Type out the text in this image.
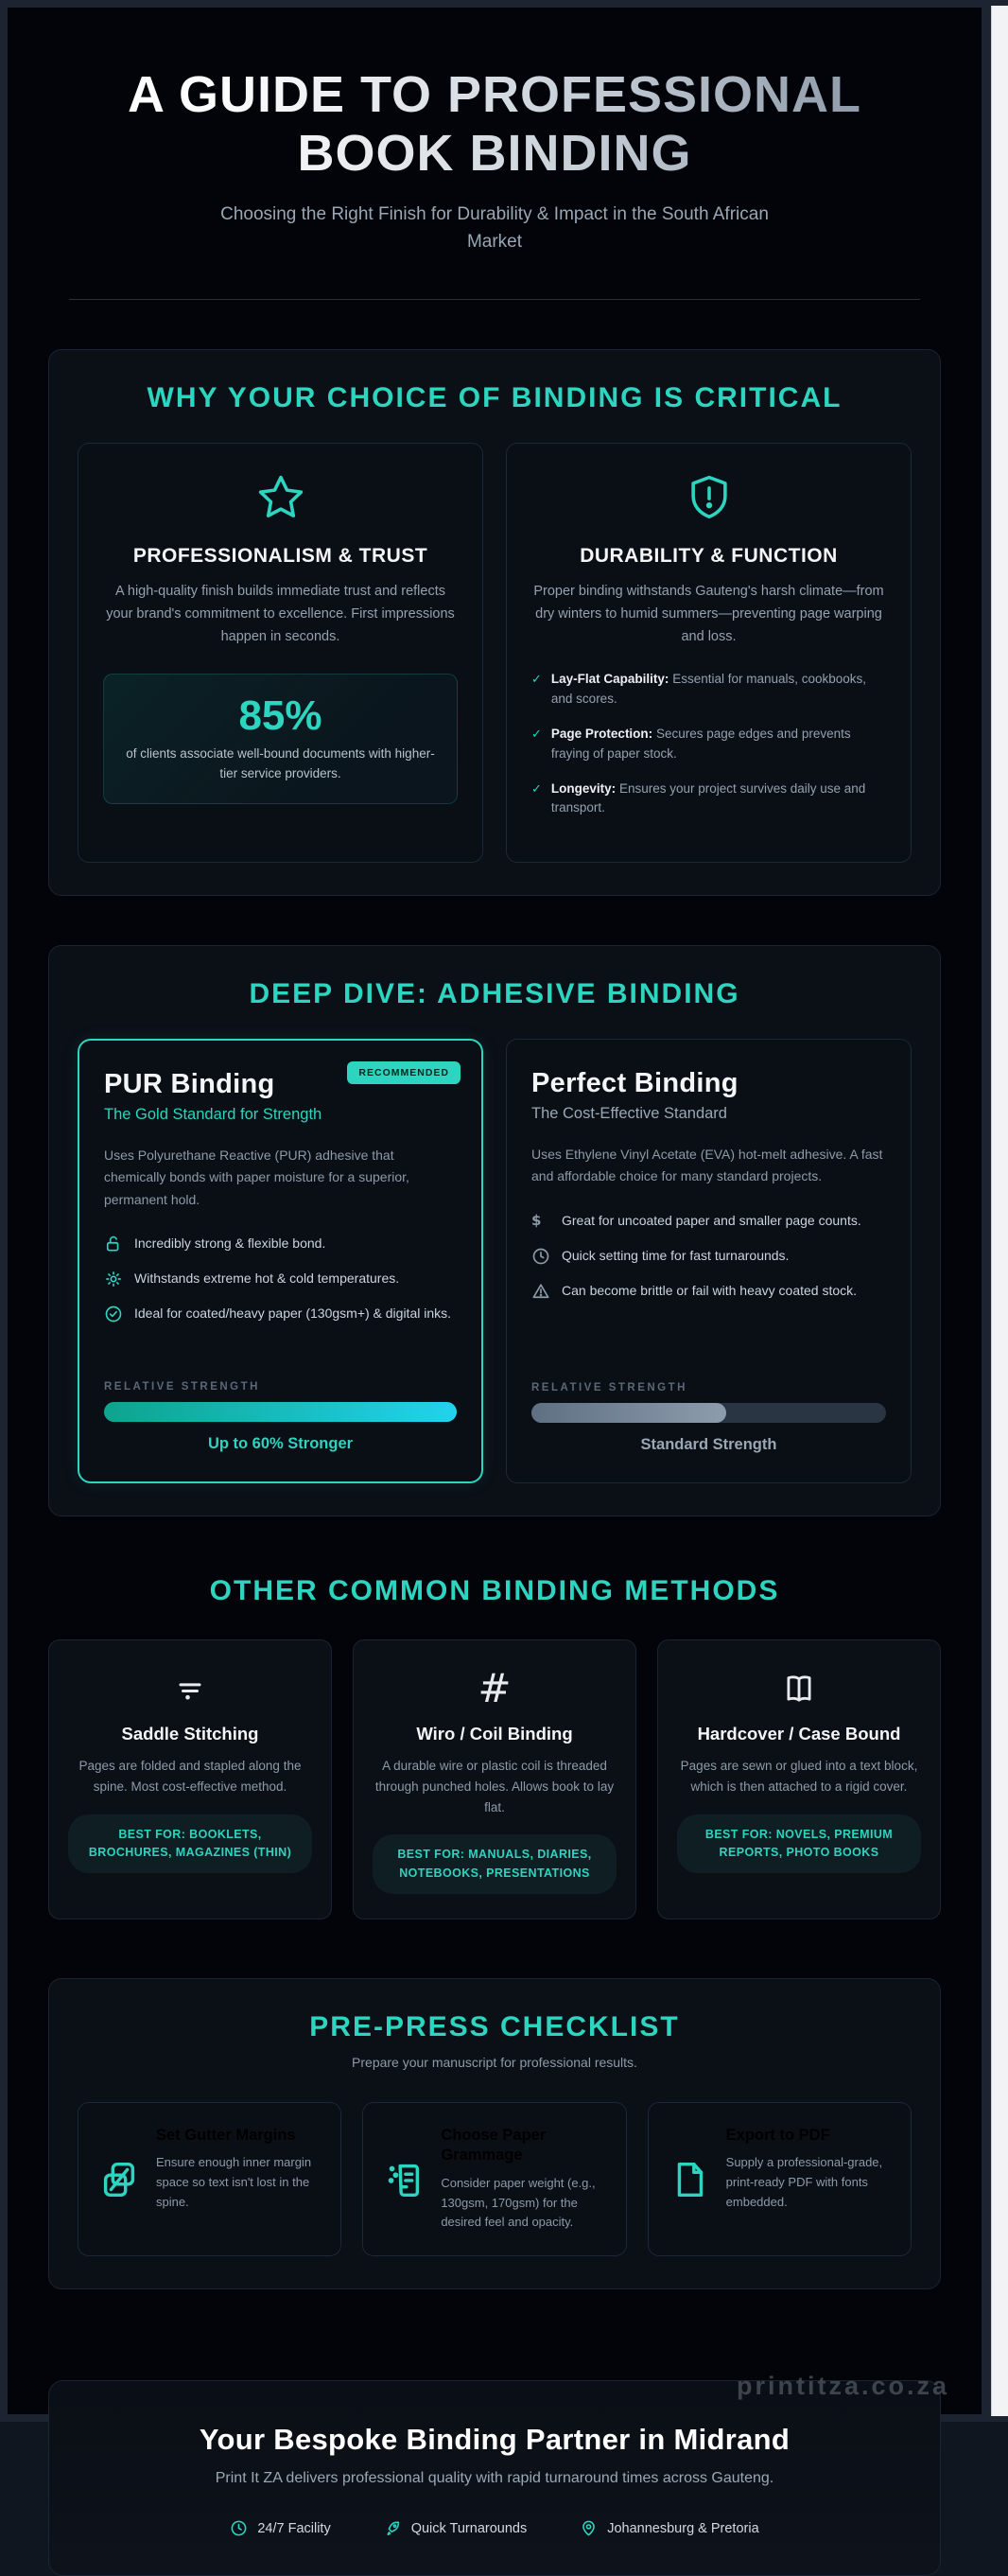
A GUIDE TO PROFESSIONAL BOOK BINDING

Choosing the Right Finish for Durability & Impact in the South African Market

WHY YOUR CHOICE OF BINDING IS CRITICAL
PROFESSIONALISM & TRUST

A high-quality finish builds immediate trust and reflects your brand's commitment to excellence. First impressions happen in seconds.

85%

of clients associate well-bound documents with higher-tier service providers.

DURABILITY & FUNCTION

Proper binding withstands Gauteng's harsh climate—from dry winters to humid summers—preventing page warping and loss.

✓ Lay-Flat Capability: Essential for manuals, cookbooks, and scores.

✓ Page Protection: Secures page edges and prevents fraying of paper stock.

✓ Longevity: Ensures your project survives daily use and transport.

DEEP DIVE: ADHESIVE BINDING
RECOMMENDED
PUR Binding
The Gold Standard for Strength

Uses Polyurethane Reactive (PUR) adhesive that chemically bonds with paper moisture for a superior, permanent hold.

Incredibly strong & flexible bond.

Withstands extreme hot & cold temperatures.

Ideal for coated/heavy paper (130gsm+) & digital inks.

RELATIVE STRENGTH
Up to 60% Stronger
Perfect Binding
The Cost-Effective Standard

Uses Ethylene Vinyl Acetate (EVA) hot-melt adhesive. A fast and affordable choice for many standard projects.

$	Great for uncoated paper and smaller page counts.

Quick setting time for fast turnarounds.

Can become brittle or fail with heavy coated stock.

RELATIVE STRENGTH
Standard Strength
OTHER COMMON BINDING METHODS
Saddle Stitching

Pages are folded and stapled along the spine. Most cost-effective method.

BEST FOR: BOOKLETS, BROCHURES, MAGAZINES (THIN)
#
Wiro / Coil Binding

A durable wire or plastic coil is threaded through punched holes. Allows book to lay flat.

BEST FOR: MANUALS, DIARIES, NOTEBOOKS, PRESENTATIONS
Hardcover / Case Bound

Pages are sewn or glued into a text block, which is then attached to a rigid cover.

BEST FOR: NOVELS, PREMIUM REPORTS, PHOTO BOOKS
PRE-PRESS CHECKLIST

Prepare your manuscript for professional results.

Set Gutter Margins

Ensure enough inner margin space so text isn't lost in the spine.

Choose Paper Grammage

Consider paper weight (e.g., 130gsm, 170gsm) for the desired feel and opacity.

Export to PDF

Supply a professional-grade, print-ready PDF with fonts embedded.

Your Bespoke Binding Partner in Midrand

Print It ZA delivers professional quality with rapid turnaround times across Gauteng.

24/7 Facility	Quick Turnarounds	Johannesburg & Pretoria
printitza.co.za
